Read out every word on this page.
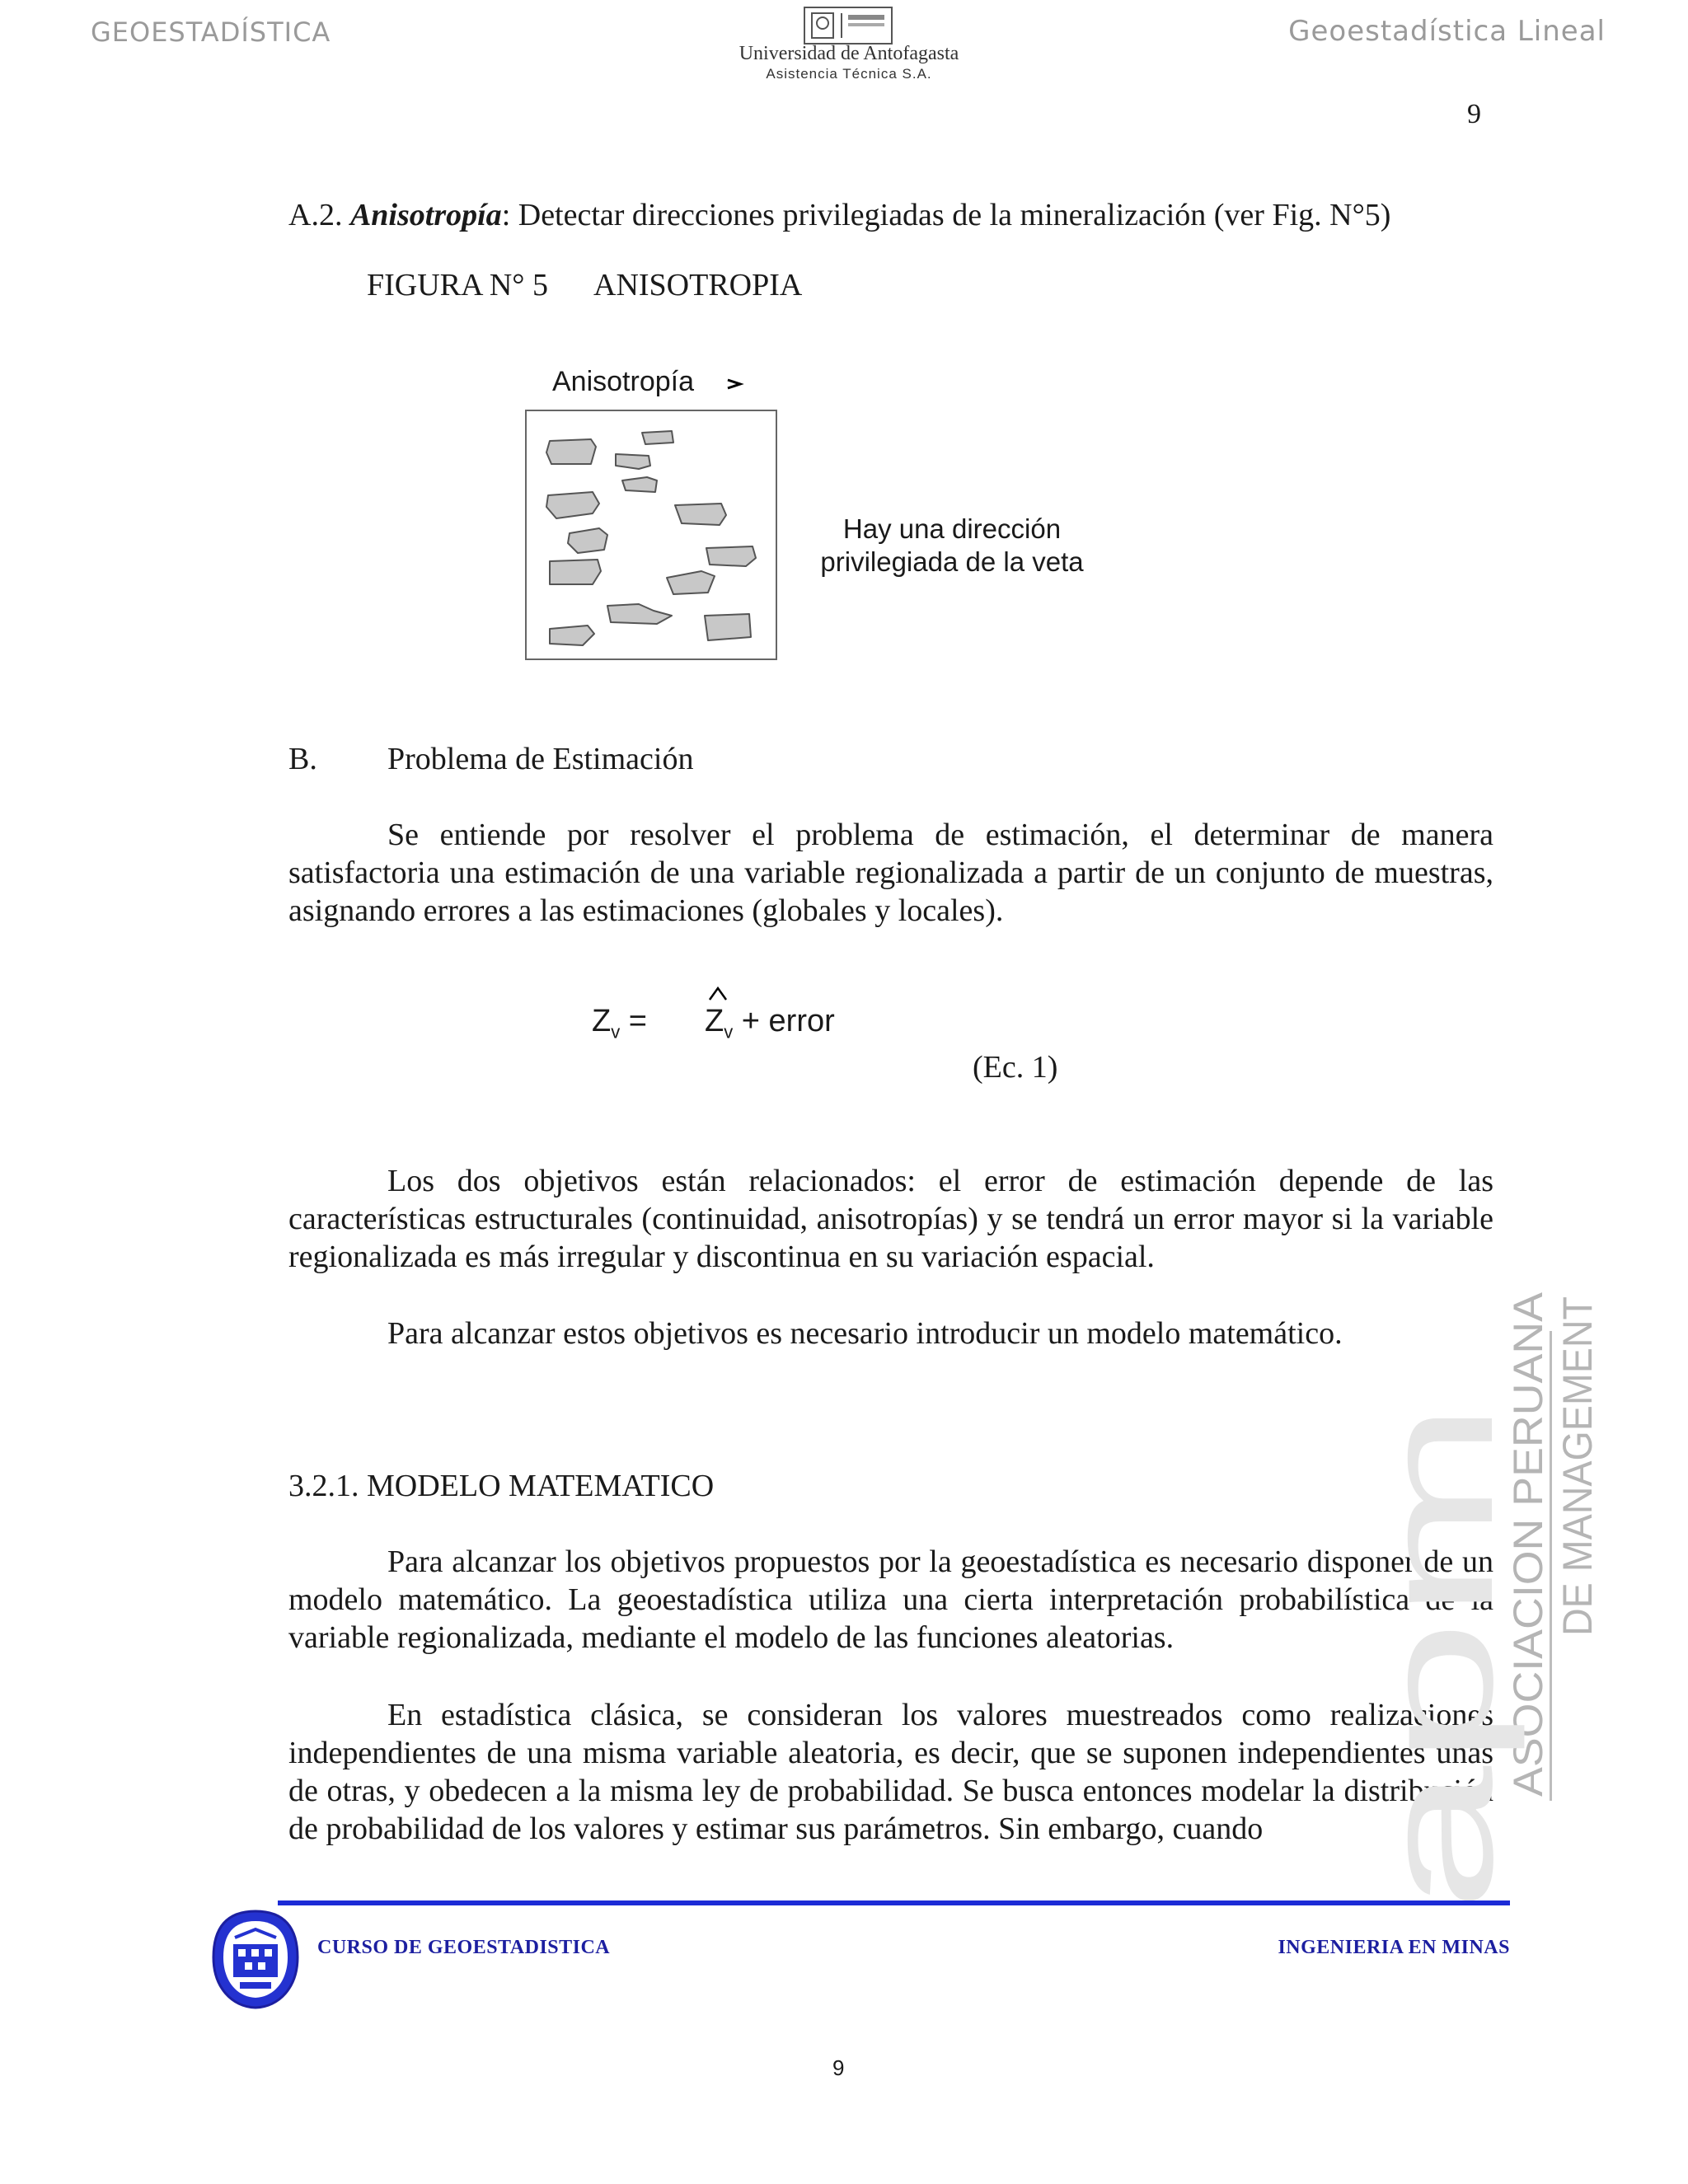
GEOESTADÍSTICA	Geoestadística Lineal
Universidad de Antofagasta
Asistencia Técnica S.A.
9
A.2. Anisotropía: Detectar direcciones privilegiadas de la mineralización (ver Fig. N°5)
FIGURA N° 5 ANISOTROPIA
Anisotropía
Hay una dirección
privilegiada de la veta
B. Problema de Estimación
Se entiende por resolver el problema de estimación, el determinar de manera satisfactoria una estimación de una variable regionalizada a partir de un conjunto de muestras, asignando errores a las estimaciones (globales y locales).
$Z_v = Z_v$ + error
(Ec. 1)
Los dos objetivos están relacionados: el error de estimación depende de las características estructurales (continuidad, anisotropías) y se tendrá un error mayor si la variable regionalizada es más irregular y discontinua en su variación espacial.
Para alcanzar estos objetivos es necesario introducir un modelo matemático.
3.2.1. MODELO MATEMATICO
Para alcanzar los objetivos propuestos por la geoestadística es necesario disponer de un modelo matemático. La geoestadística utiliza una cierta interpretación probabilística de la variable regionalizada, mediante el modelo de las funciones aleatorias.
En estadística clásica, se consideran los valores muestreados como realizaciones independientes de una misma variable aleatoria, es decir, que se suponen independientes unas de otras, y obedecen a la misma ley de probabilidad. Se busca entonces modelar la distribución de probabilidad de los valores y estimar sus parámetros. Sin embargo, cuando
ASOCIACION PERUANA DE MANAGEMENT
apm
CURSO DE GEOESTADISTICA	INGENIERIA EN MINAS
9
